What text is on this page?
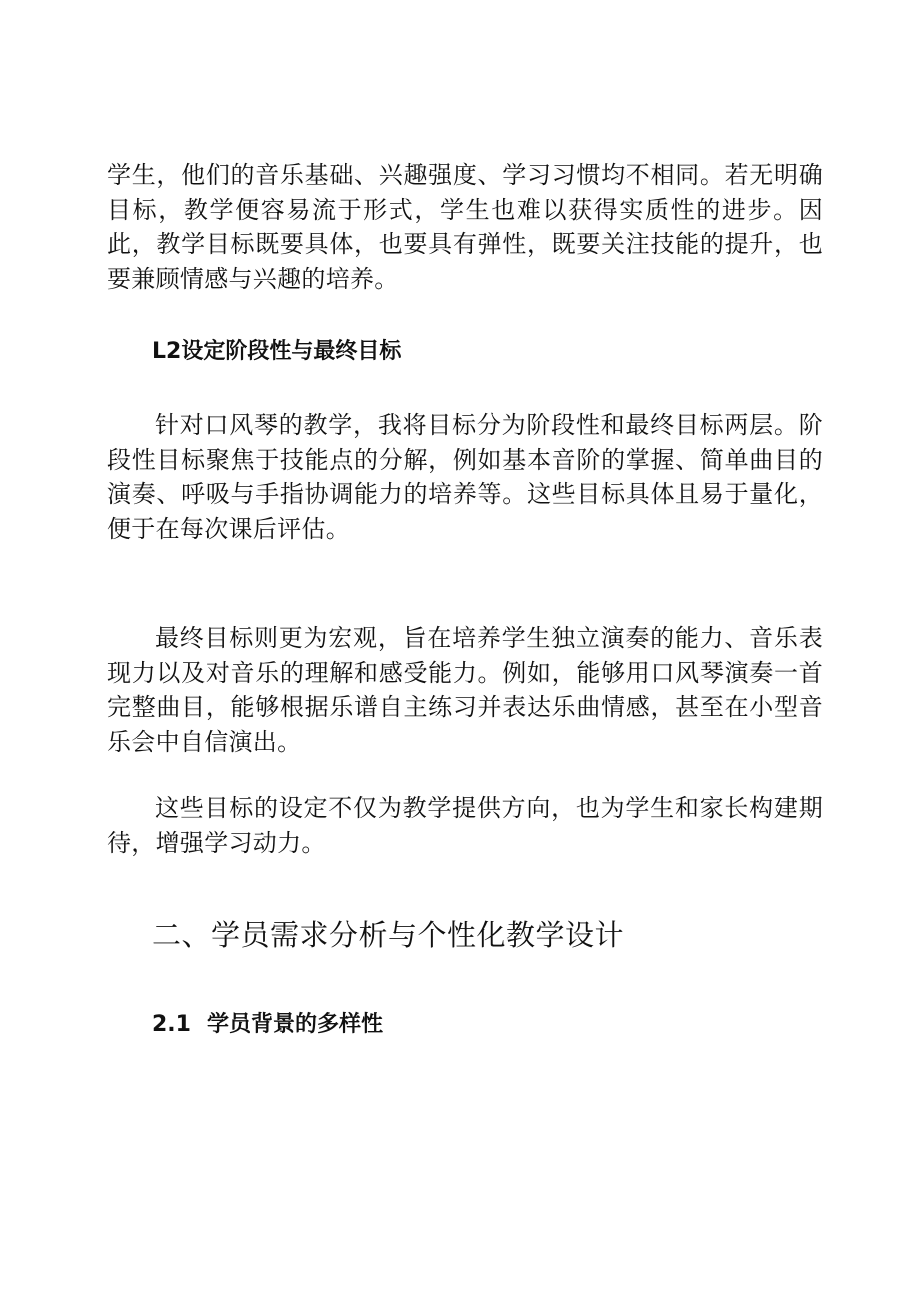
学生，他们的音乐基础、兴趣强度、学习习惯均不相同。若无明确目标，教学便容易流于形式，学生也难以获得实质性的进步。因此，教学目标既要具体，也要具有弹性，既要关注技能的提升，也要兼顾情感与兴趣的培养。

L2设定阶段性与最终目标

针对口风琴的教学，我将目标分为阶段性和最终目标两层。阶段性目标聚焦于技能点的分解，例如基本音阶的掌握、简单曲目的演奏、呼吸与手指协调能力的培养等。这些目标具体且易于量化，便于在每次课后评估。

最终目标则更为宏观，旨在培养学生独立演奏的能力、音乐表现力以及对音乐的理解和感受能力。例如，能够用口风琴演奏一首完整曲目，能够根据乐谱自主练习并表达乐曲情感，甚至在小型音乐会中自信演出。

这些目标的设定不仅为教学提供方向，也为学生和家长构建期待，增强学习动力。

二、学员需求分析与个性化教学设计
2.1 学员背景的多样性
